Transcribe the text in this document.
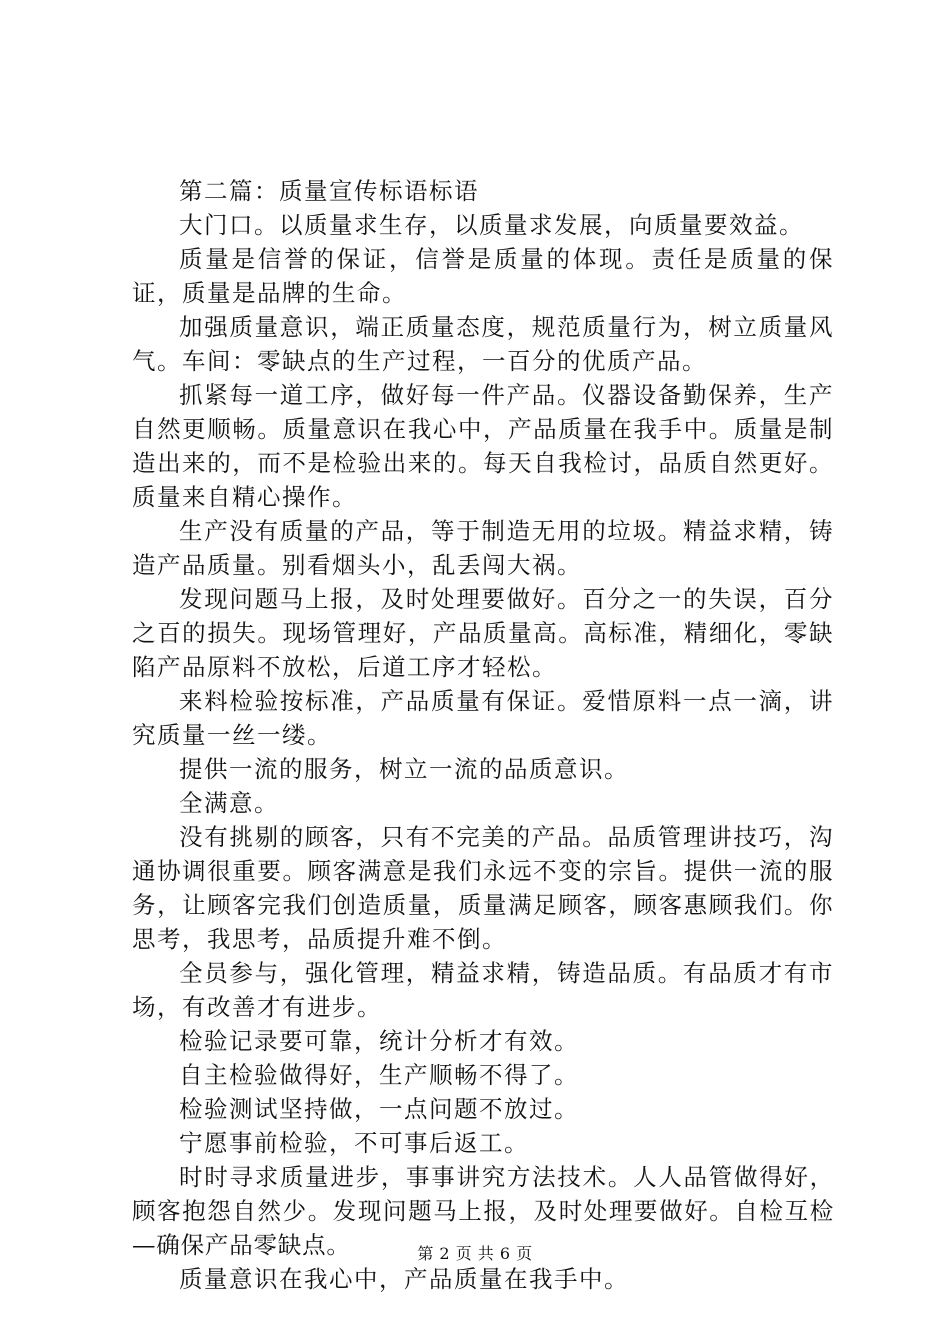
第二篇：质量宣传标语标语

大门口。以质量求生存，以质量求发展，向质量要效益。

质量是信誉的保证，信誉是质量的体现。责任是质量的保证，质量是品牌的生命。

加强质量意识，端正质量态度，规范质量行为，树立质量风气。车间：零缺点的生产过程，一百分的优质产品。

抓紧每一道工序，做好每一件产品。仪器设备勤保养，生产自然更顺畅。质量意识在我心中，产品质量在我手中。质量是制造出来的，而不是检验出来的。每天自我检讨，品质自然更好。质量来自精心操作。

生产没有质量的产品，等于制造无用的垃圾。精益求精，铸造产品质量。别看烟头小，乱丢闯大祸。

发现问题马上报，及时处理要做好。百分之一的失误，百分之百的损失。现场管理好，产品质量高。高标准，精细化，零缺陷产品原料不放松，后道工序才轻松。

来料检验按标准，产品质量有保证。爱惜原料一点一滴，讲究质量一丝一缕。

提供一流的服务，树立一流的品质意识。

全满意。

没有挑剔的顾客，只有不完美的产品。品质管理讲技巧，沟通协调很重要。顾客满意是我们永远不变的宗旨。提供一流的服务，让顾客完我们创造质量，质量满足顾客，顾客惠顾我们。你思考，我思考，品质提升难不倒。

全员参与，强化管理，精益求精，铸造品质。有品质才有市场，有改善才有进步。

检验记录要可靠，统计分析才有效。

自主检验做得好，生产顺畅不得了。

检验测试坚持做，一点问题不放过。

宁愿事前检验，不可事后返工。

时时寻求质量进步，事事讲究方法技术。人人品管做得好，顾客抱怨自然少。发现问题马上报，及时处理要做好。自检互检—确保产品零缺点。

质量意识在我心中，产品质量在我手中。

第 2 页 共 6 页
